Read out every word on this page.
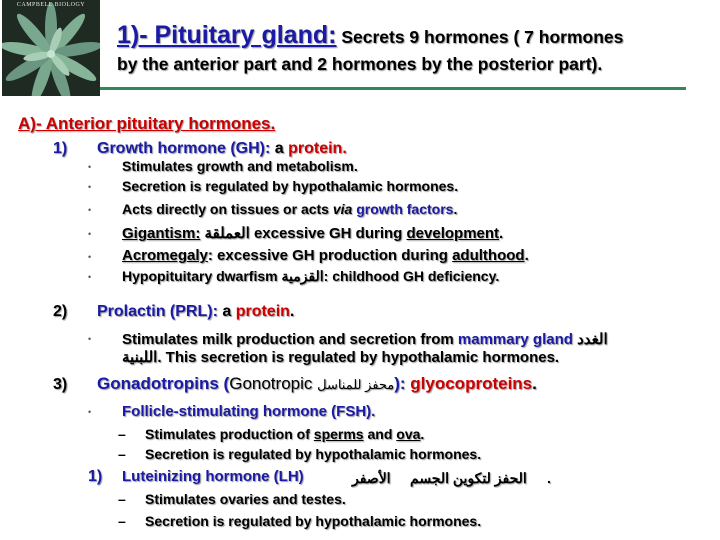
CAMPBELL BIOLOGY
1)- Pituitary gland: Secrets 9 hormones ( 7 hormones
by the anterior part and 2 hormones by the posterior part).
A)- Anterior pituitary hormones.
1) Growth hormone (GH): a protein.
• Stimulates growth and metabolism.
• Secretion is regulated by hypothalamic hormones.
• Acts directly on tissues or acts via growth factors.
• Gigantism: العملقة excessive GH during development.
• Acromegaly: excessive GH production during adulthood.
• Hypopituitary dwarfism القزمية: childhood GH deficiency.
2) Prolactin (PRL): a protein.
• Stimulates milk production and secretion from mammary gland الغدد
اللبنية. This secretion is regulated by hypothalamic hormones.
3) Gonadotropins (Gonotropic محفز للمناسل): glyocoproteins.
• Follicle-stimulating hormone (FSH).
– Stimulates production of sperms and ova.
– Secretion is regulated by hypothalamic hormones.
1) Luteinizing hormone (LH)	الأصفر الحفز لتكوين الجسم .
– Stimulates ovaries and testes.
– Secretion is regulated by hypothalamic hormones.
